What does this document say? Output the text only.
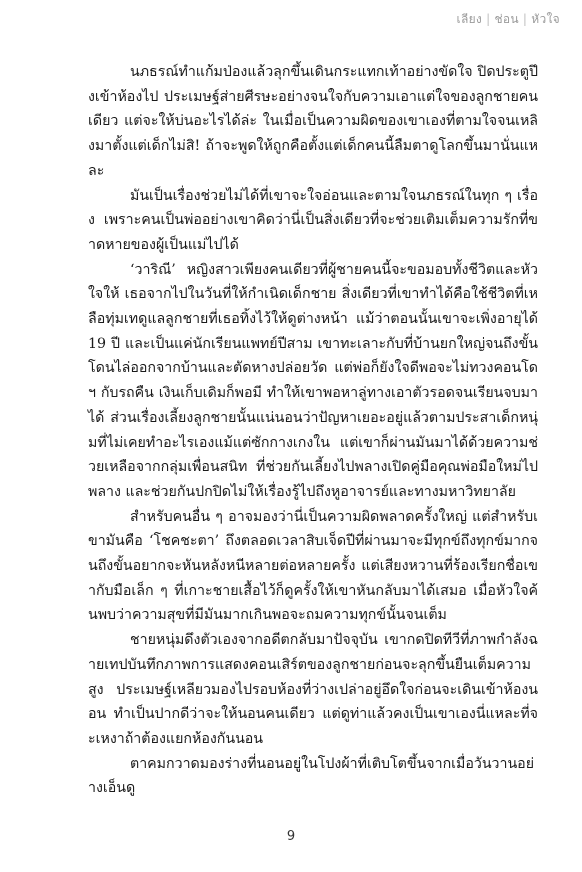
เลียง | ช่อน | หัวใจ

นภธรณ์ทำแก้มป่องแล้วลุกขึ้นเดินกระแทกเท้าอย่างขัดใจ ปิดประตูปึงเข้าห้องไป ประเมษฐ์ส่ายศีรษะอย่างจนใจกับความเอาแต่ใจของลูกชายคนเดียว แต่จะให้บ่นอะไรได้ล่ะ ในเมื่อเป็นความผิดของเขาเองที่ตามใจจนเหลิงมาตั้งแต่เด็กไม่สิ! ถ้าจะพูดให้ถูกคือตั้งแต่เด็กคนนี้ลืมตาดูโลกขึ้นมานั่นแหละ

มันเป็นเรื่องช่วยไม่ได้ที่เขาจะใจอ่อนและตามใจนภธรณ์ในทุก ๆ เรื่อง เพราะคนเป็นพ่ออย่างเขาคิดว่านี่เป็นสิ่งเดียวที่จะช่วยเติมเต็มความรักที่ขาดหายของผู้เป็นแม่ไปได้

‘วาริณี’ หญิงสาวเพียงคนเดียวที่ผู้ชายคนนี้จะขอมอบทั้งชีวิตและหัวใจให้ เธอจากไปในวันที่ให้กำเนิดเด็กชาย สิ่งเดียวที่เขาทำได้คือใช้ชีวิตที่เหลือทุ่มเทดูแลลูกชายที่เธอทิ้งไว้ให้ดูต่างหน้า แม้ว่าตอนนั้นเขาจะเพิ่งอายุได้ 19 ปี และเป็นแค่นักเรียนแพทย์ปีสาม เขาทะเลาะกับที่บ้านยกใหญ่จนถึงขั้นโดนไล่ออกจากบ้านและตัดหางปล่อยวัด แต่พ่อก็ยังใจดีพอจะไม่ทวงคอนโดฯ กับรถคืน เงินเก็บเดิมก็พอมี ทำให้เขาพอหาลู่ทางเอาตัวรอดจนเรียนจบมาได้ ส่วนเรื่องเลี้ยงลูกชายนั้นแน่นอนว่าปัญหาเยอะอยู่แล้วตามประสาเด็กหนุ่มที่ไม่เคยทำอะไรเองแม้แต่ซักกางเกงใน แต่เขาก็ผ่านมันมาได้ด้วยความช่วยเหลือจากกลุ่มเพื่อนสนิท ที่ช่วยกันเลี้ยงไปพลางเปิดคู่มือคุณพ่อมือใหม่ไปพลาง และช่วยกันปกปิดไม่ให้เรื่องรู้ไปถึงหูอาจารย์และทางมหาวิทยาลัย

สำหรับคนอื่น ๆ อาจมองว่านี่เป็นความผิดพลาดครั้งใหญ่ แต่สำหรับเขามันคือ ‘โชคชะตา’ ถึงตลอดเวลาสิบเจ็ดปีที่ผ่านมาจะมีทุกข์ถึงทุกข์มากจนถึงขั้นอยากจะหันหลังหนีหลายต่อหลายครั้ง แต่เสียงหวานที่ร้องเรียกชื่อเขากับมือเล็ก ๆ ที่เกาะชายเสื้อไว้ก็ดูครั้งให้เขาหันกลับมาได้เสมอ เมื่อหัวใจค้นพบว่าความสุขที่มีมันมากเกินพอจะถมความทุกข์นั้นจนเต็ม

ชายหนุ่มดึงตัวเองจากอดีตกลับมาปัจจุบัน เขากดปิดทีวีที่ภาพกำลังฉายเทปบันทึกภาพการแสดงคอนเสิร์ตของลูกชายก่อนจะลุกขึ้นยืนเต็มความสูง ประเมษฐ์เหลียวมองไปรอบห้องที่ว่างเปล่าอยู่อึดใจก่อนจะเดินเข้าห้องนอน ทำเป็นปากดีว่าจะให้นอนคนเดียว แต่ดูท่าแล้วคงเป็นเขาเองนี่แหละที่จะเหงาถ้าต้องแยกห้องกันนอน

ตาคมกวาดมองร่างที่นอนอยู่ในโปงผ้าที่เติบโตขึ้นจากเมื่อวันวานอย่างเอ็นดู

9
